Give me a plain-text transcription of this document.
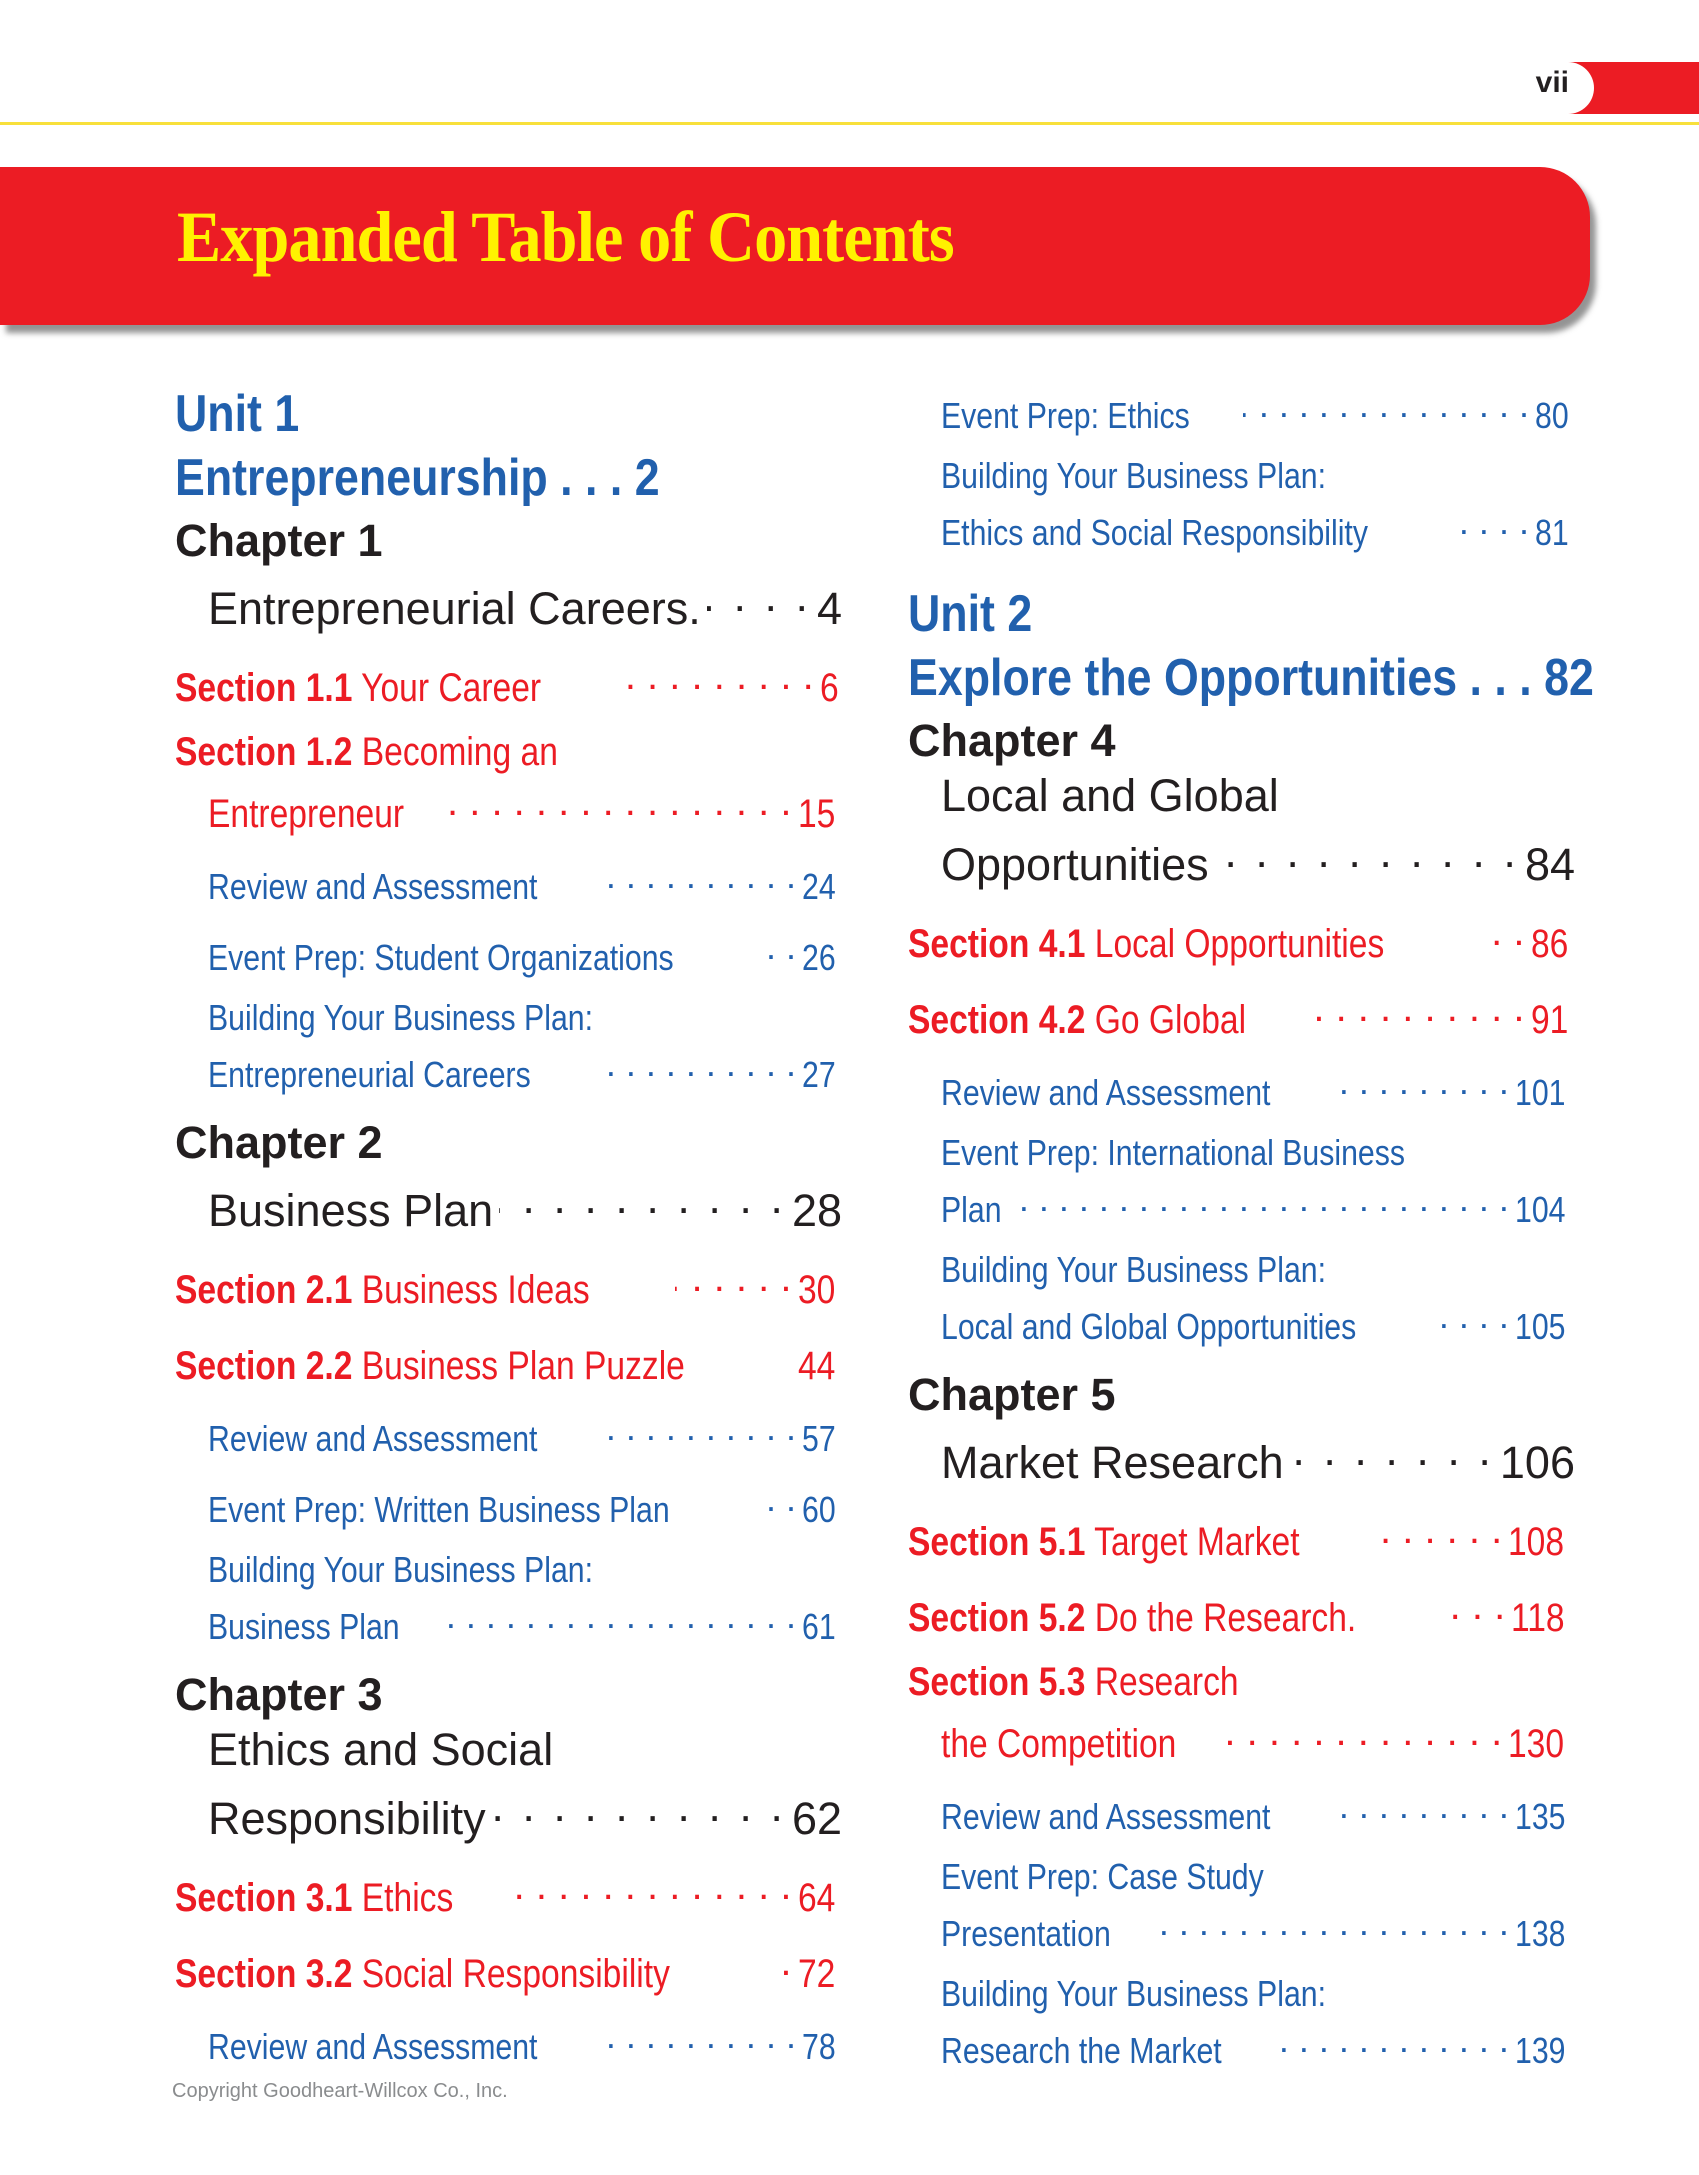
vii
Expanded Table of Contents
Unit 1
Entrepreneurship . . . 2
Chapter 1
Entrepreneurial Careers. . . .	4
Section 1.1 Your Career . . .	6
Section 1.2 Becoming an
Entrepreneur . . .	15
Review and Assessment . . .	24
Event Prep: Student Organizations . . .	26
Building Your Business Plan:
Entrepreneurial Careers . . .	27
Chapter 2
Business Plan . . .	28
Section 2.1 Business Ideas . . .	30
Section 2.2 Business Plan Puzzle . . .	44
Review and Assessment . . .	57
Event Prep: Written Business Plan . . .	60
Building Your Business Plan:
Business Plan . . .	61
Chapter 3
Ethics and Social
Responsibility . . .	62
Section 3.1 Ethics . . .	64
Section 3.2 Social Responsibility . . .	72
Review and Assessment . . .	78
Event Prep: Ethics . . .	80
Building Your Business Plan:
Ethics and Social Responsibility . . .	81
Unit 2
Explore the Opportunities . . . 82
Chapter 4
Local and Global
Opportunities . . .	84
Section 4.1 Local Opportunities . . .	86
Section 4.2 Go Global . . .	91
Review and Assessment . . .	101
Event Prep: International Business
Plan . . .	104
Building Your Business Plan:
Local and Global Opportunities . . .	105
Chapter 5
Market Research . . .	106
Section 5.1 Target Market . . .	108
Section 5.2 Do the Research. . . .	118
Section 5.3 Research
the Competition . . .	130
Review and Assessment . . .	135
Event Prep: Case Study
Presentation . . .	138
Building Your Business Plan:
Research the Market . . .	139
Copyright Goodheart-Willcox Co., Inc.
